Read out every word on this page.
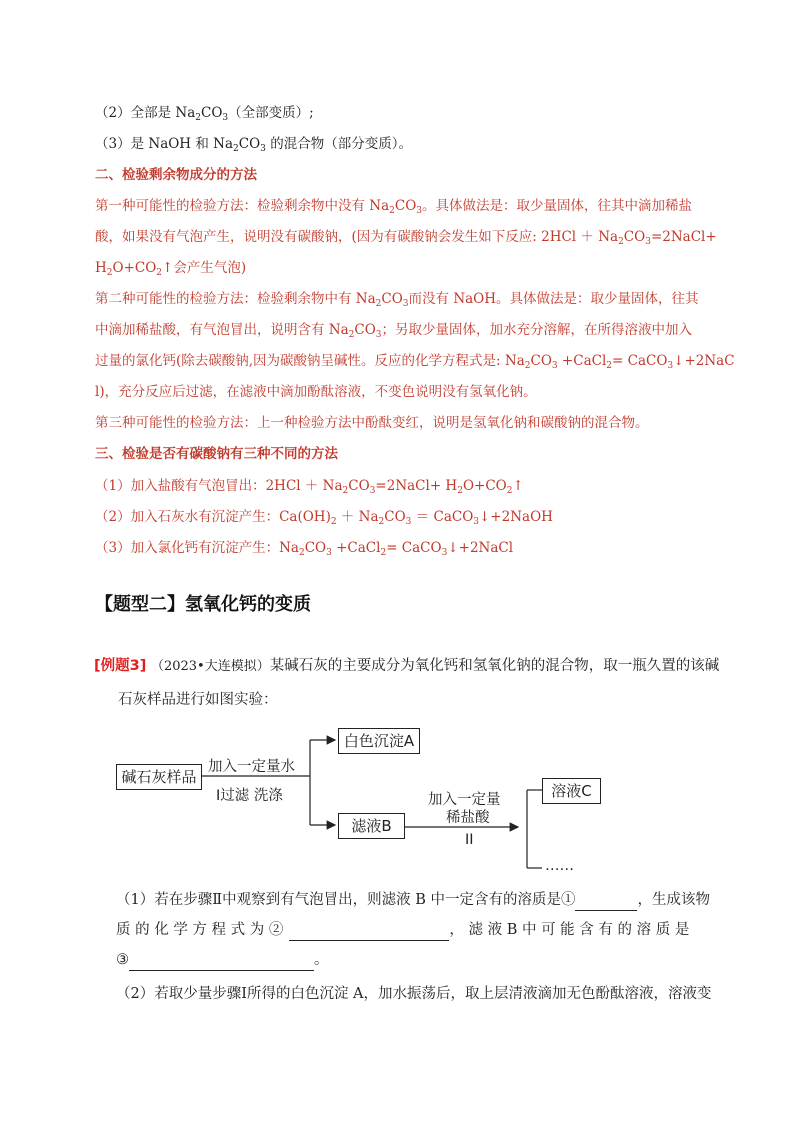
（2）全部是 $Na_2CO_3$（全部变质）;
（3）是 NaOH 和 $Na_2CO_3$ 的混合物（部分变质）。
二、检验剩余物成分的方法
第一种可能性的检验方法：检验剩余物中没有 $Na_2CO_3$。具体做法是：取少量固体，往其中滴加稀盐
酸，如果没有气泡产生，说明没有碳酸钠，(因为有碳酸钠会发生如下反应: $2HCl + Na_2CO_3=2NaCl+$
$H_2O+CO_2↑$会产生气泡)
第二种可能性的检验方法：检验剩余物中有 $Na_2CO_3$而没有 NaOH。具体做法是：取少量固体，往其
中滴加稀盐酸，有气泡冒出，说明含有 $Na_2CO_3$；另取少量固体，加水充分溶解，在所得溶液中加入
过量的氯化钙(除去碳酸钠,因为碳酸钠呈碱性。反应的化学方程式是: $Na_2CO_3$ +CaCl$_2$= CaCO$_3$↓+2NaC
l)，充分反应后过滤，在滤液中滴加酚酞溶液，不变色说明没有氢氧化钠。
第三种可能性的检验方法：上一种检验方法中酚酞变红，说明是氢氧化钠和碳酸钠的混合物。
三、检验是否有碳酸钠有三种不同的方法
（1）加入盐酸有气泡冒出：$2HCl + Na_2CO_3=2NaCl+$ $H_2O+CO_2↑$
（2）加入石灰水有沉淀产生：$Ca(OH)_2 + Na_2CO_3$ ＝ CaCO$_3$↓+2NaOH
（3）加入氯化钙有沉淀产生：$Na_2CO_3$ +CaCl$_2$= CaCO$_3$↓+2NaCl
【题型二】氢氧化钙的变质
[例题3] （2023•大连模拟）某碱石灰的主要成分为氧化钙和氢氧化钠的混合物，取一瓶久置的该碱
石灰样品进行如图实验：
碱石灰样品
白色沉淀A
滤液B
溶液C
加入一定量水
I过滤 洗涤	加入一定量
稀盐酸
II
……
（1）若在步骤Ⅱ中观察到有气泡冒出，则滤液 B 中一定含有的溶质是①	，生成该物
质 的 化 学 方 程 式 为 ②	， 滤 液 B 中 可 能 含 有 的 溶 质 是
③	。
（2）若取少量步骤Ⅰ所得的白色沉淀 A，加水振荡后，取上层清液滴加无色酚酞溶液，溶液变
